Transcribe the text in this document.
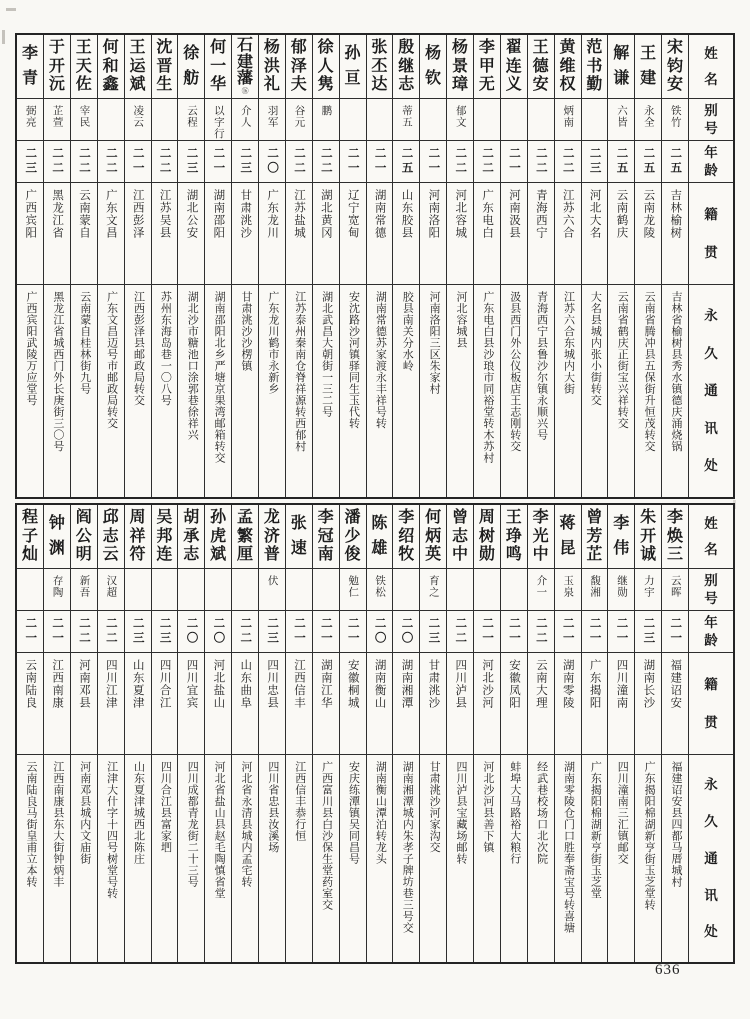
姓
名
别
号
年
龄
籍
贯
永
久
通
讯
处
宋
钧
安
铁竹
二五
吉林榆树
吉林省榆树县秀水镇德庆涌烧锅
王
建
永全
二五
云南龙陵
云南省腾冲县五保街升恒茂转交
解
谦
六皆
二五
云南鹤庆
云南省鹤庆正街宝兴祥转交
范
书
勤
二三
河北大名
大名县城内张小街转交
黄
维
权
炳南
二二
江苏六合
江苏六合东城内大街
王
德
安
二二
青海西宁
青海西宁县鲁沙尔镇永顺兴号
翟
连
义
二一
河南汲县
汲县西门外公仪板店王志刚转交
李
甲
无
二二
广东电白
广东电白县沙琅市同裕堂转木苏村
杨
景
璋
郁文
二二
河北容城
河北容城县
杨
钦
二一
河南洛阳
河南洛阳三区朱家村
殷
继
志
蒂五
二五
山东胶县
胶县南关分水岭
张
丕
达
二一
湖南常德
湖南常德苏家渡永丰祥号转
孙
亘
二一
辽宁宽甸
安沈路沙河镇驿同生玉代转
徐
人
隽
鹏
二二
湖北黄冈
湖北武昌大朝街一三二号
郁
泽
夫
谷元
二二
江苏盐城
江苏泰州秦南仓脊祥源转西郁村
杨
洪
礼
羽军
二〇
广东龙川
广东龙川鹤市永新乡
石
建
藩
⑯
介人
二三
甘肃洮沙
甘肃洮沙沙楞镇
何
一
华
以字行
二一
湖南邵阳
湖南邵阳北乡严塘京果湾邮箱转交
徐
舫
云程
二三
湖北公安
湖北沙市糖池口涂郭巷徐祥兴
沈
晋
生
二二
江苏吴县
苏州东海岛巷一〇八号
王
运
斌
凌云
二一
江西彭泽
江西彭泽县邮政局转交
何
和
鑫
二二
广东文昌
广东文昌迈号市邮政局转交
王
天
佐
宰民
二二
云南蒙自
云南蒙自桂林街九号
于
开
沅
芷萱
二二
黑龙江省
黑龙江省城西门外长庚街三〇号
李
青
弼亮
二三
广西宾阳
广西宾阳武陵万应堂号
姓
名
别
号
年
龄
籍
贯
永
久
通
讯
处
李
焕
三
云晖
二一
福建诏安
福建诏安县四都马厝城村
朱
开
诚
力宇
二三
湖南长沙
广东揭阳棉湖新亨街玉芝堂转
李
伟
继勋
二一
四川潼南
四川潼南三汇镇邮交
曾
芳
芷
馥湘
二一
广东揭阳
广东揭阳棉湖新亨街玉芝堂
蒋
昆
玉泉
二一
湖南零陵
湖南零陵仓门口胜奉斋宝号转喜塘
李
光
中
介一
二二
云南大理
经武巷校场口北次院
王
琤
鸣
二一
安徽凤阳
蚌埠大马路裕大粮行
周
树
勋
二一
河北沙河
河北沙河县善下镇
曾
志
中
二二
四川泸县
四川泸县宝藏场邮转
何
炳
英
育之
二三
甘肃洮沙
甘肃洮沙河家沟交
李
绍
牧
二〇
湖南湘潭
湖南湘潭城内朱孝子牌坊巷三号交
陈
雄
铁松
二〇
湖南衡山
湖南衡山潭泊转龙头
潘
少
俊
勉仁
二一
安徽桐城
安庆练潭镇吴同昌号
李
冠
南
二一
湖南江华
广西富川县白沙保生堂药室交
张
速
二一
江西信丰
江西信丰恭行恒
龙
济
普
伏
二三
四川忠县
四川省忠县汝溪场
孟
繁
厘
二二
山东曲阜
河北省永清县城内孟宅转
孙
虎
斌
二〇
河北盐山
河北省盐山县赵毛陶慎省堂
胡
承
志
二〇
四川宜宾
四川成都青龙街二十三号
吴
邦
连
二三
四川合江
四川合江县富家垇
周
祥
符
二三
山东夏津
山东夏津城西北陈庄
邱
志
云
汉超
二二
四川江津
江津大什字十四号树堂号转
阎
公
明
新吾
二二
河南邓县
河南邓县城内文庙街
钟
渊
存陶
二一
江西南康
江西南康县东大街钟炳丰
程
子
灿
二一
云南陆良
云南陆良马街皇甫立本转
636
